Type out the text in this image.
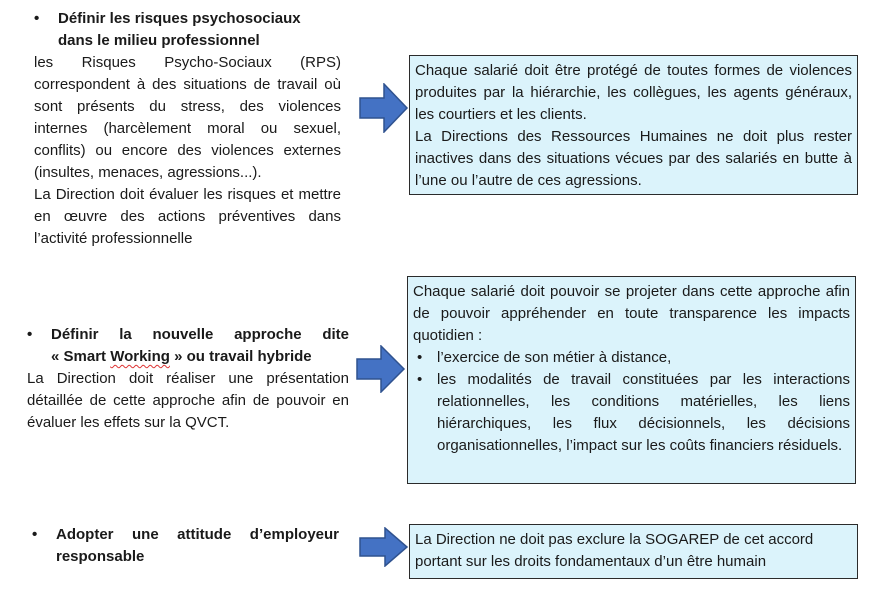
• Définir les risques psychosociaux
dans le milieu professionnel
les Risques Psycho-Sociaux (RPS) correspondent à des situations de travail où sont présents du stress, des violences internes (harcèlement moral ou sexuel, conflits) ou encore des violences externes (insultes, menaces, agressions...).
La Direction doit évaluer les risques et mettre en œuvre des actions préventives dans l’activité professionnelle

Chaque salarié doit être protégé de toutes formes de violences produites par la hiérarchie, les collègues, les agents généraux, les courtiers et les clients.

La Directions des Ressources Humaines ne doit plus rester inactives dans des situations vécues par des salariés en butte à l’une ou l’autre de ces agressions.

• Définir la nouvelle approche dite
« Smart Working » ou travail hybride
La Direction doit réaliser une présentation détaillée de cette approche afin de pouvoir en évaluer les effets sur la QVCT.

Chaque salarié doit pouvoir se projeter dans cette approche afin de pouvoir appréhender en toute transparence les impacts quotidien :

• l’exercice de son métier à distance,
• les modalités de travail constituées par les interactions relationnelles, les conditions matérielles, les liens hiérarchiques, les flux décisionnels, les décisions organisationnelles, l’impact sur les coûts financiers résiduels.
• Adopter une attitude d’employeur responsable

La Direction ne doit pas exclure la SOGAREP de cet accord portant sur les droits fondamentaux d’un être humain
